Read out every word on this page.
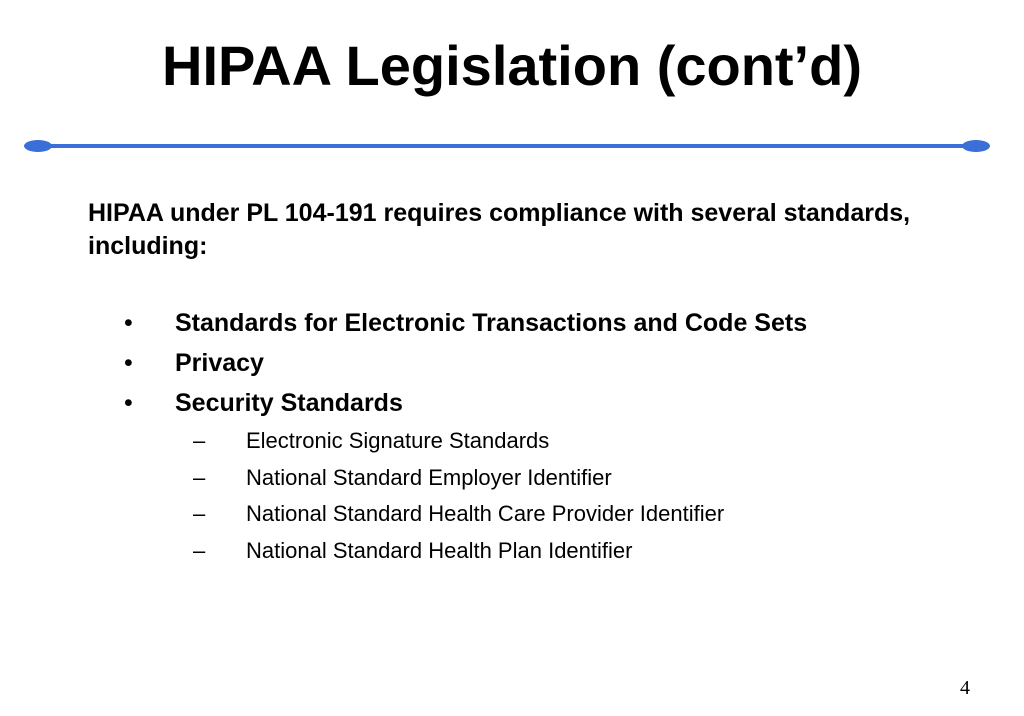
HIPAA Legislation (cont’d)

HIPAA under PL 104-191 requires compliance with several standards, including:

• Standards for Electronic Transactions and Code Sets
• Privacy
• Security Standards
– Electronic Signature Standards
– National Standard Employer Identifier
– National Standard Health Care Provider Identifier
– National Standard Health Plan Identifier
4
